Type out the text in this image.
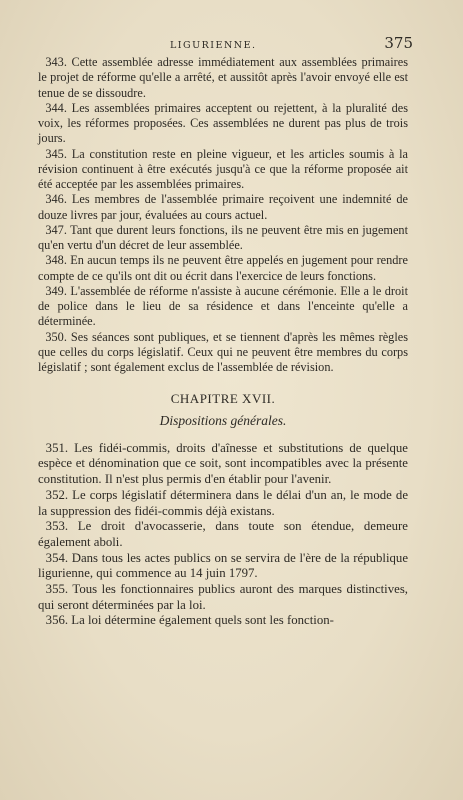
LIGURIENNE.	375

343. Cette assemblée adresse immédiatement aux assemblées primaires le projet de réforme qu'elle a arrêté, et aussitôt après l'avoir envoyé elle est tenue de se dissoudre.

344. Les assemblées primaires acceptent ou rejettent, à la pluralité des voix, les réformes proposées. Ces assemblées ne durent pas plus de trois jours.

345. La constitution reste en pleine vigueur, et les articles soumis à la révision continuent à être exécutés jusqu'à ce que la réforme proposée ait été acceptée par les assemblées primaires.

346. Les membres de l'assemblée primaire reçoivent une indemnité de douze livres par jour, évaluées au cours actuel.

347. Tant que durent leurs fonctions, ils ne peuvent être mis en jugement qu'en vertu d'un décret de leur assemblée.

348. En aucun temps ils ne peuvent être appelés en jugement pour rendre compte de ce qu'ils ont dit ou écrit dans l'exercice de leurs fonctions.

349. L'assemblée de réforme n'assiste à aucune cérémonie. Elle a le droit de police dans le lieu de sa résidence et dans l'enceinte qu'elle a déterminée.

350. Ses séances sont publiques, et se tiennent d'après les mêmes règles que celles du corps législatif. Ceux qui ne peuvent être membres du corps législatif ; sont également exclus de l'assemblée de révision.

CHAPITRE XVII.
Dispositions générales.

351. Les fidéi-commis, droits d'aînesse et substitutions de quelque espèce et dénomination que ce soit, sont incompatibles avec la présente constitution. Il n'est plus permis d'en établir pour l'avenir.

352. Le corps législatif déterminera dans le délai d'un an, le mode de la suppression des fidéi-commis déjà existans.

353. Le droit d'avocasserie, dans toute son étendue, demeure également aboli.

354. Dans tous les actes publics on se servira de l'ère de la république ligurienne, qui commence au 14 juin 1797.

355. Tous les fonctionnaires publics auront des marques distinctives, qui seront déterminées par la loi.

356. La loi détermine également quels sont les fonction-
